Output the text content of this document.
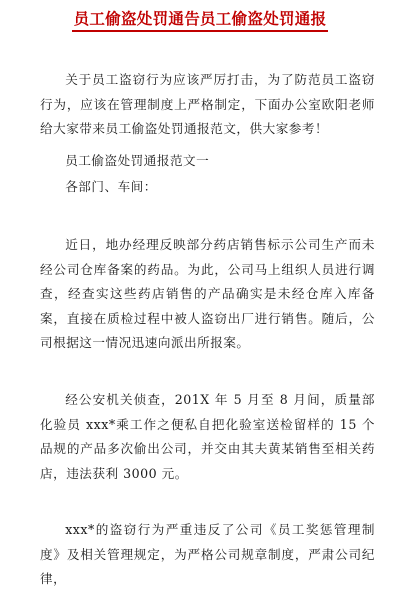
员工偷盗处罚通告员工偷盗处罚通报

关于员工盗窃行为应该严厉打击，为了防范员工盗窃行为，应该在管理制度上严格制定，下面办公室欧阳老师给大家带来员工偷盗处罚通报范文，供大家参考！

员工偷盗处罚通报范文一

各部门、车间：

近日，地办经理反映部分药店销售标示公司生产而未经公司仓库备案的药品。为此，公司马上组织人员进行调查，经查实这些药店销售的产品确实是未经仓库入库备案，直接在质检过程中被人盗窃出厂进行销售。随后，公司根据这一情况迅速向派出所报案。

经公安机关侦查，201X 年 5 月至 8 月间，质量部化验员 xxx*乘工作之便私自把化验室送检留样的 15 个品规的产品多次偷出公司，并交由其夫黄某销售至相关药店，违法获利 3000 元。

xxx*的盗窃行为严重违反了公司《员工奖惩管理制度》及相关管理规定，为严格公司规章制度，严肃公司纪律，
